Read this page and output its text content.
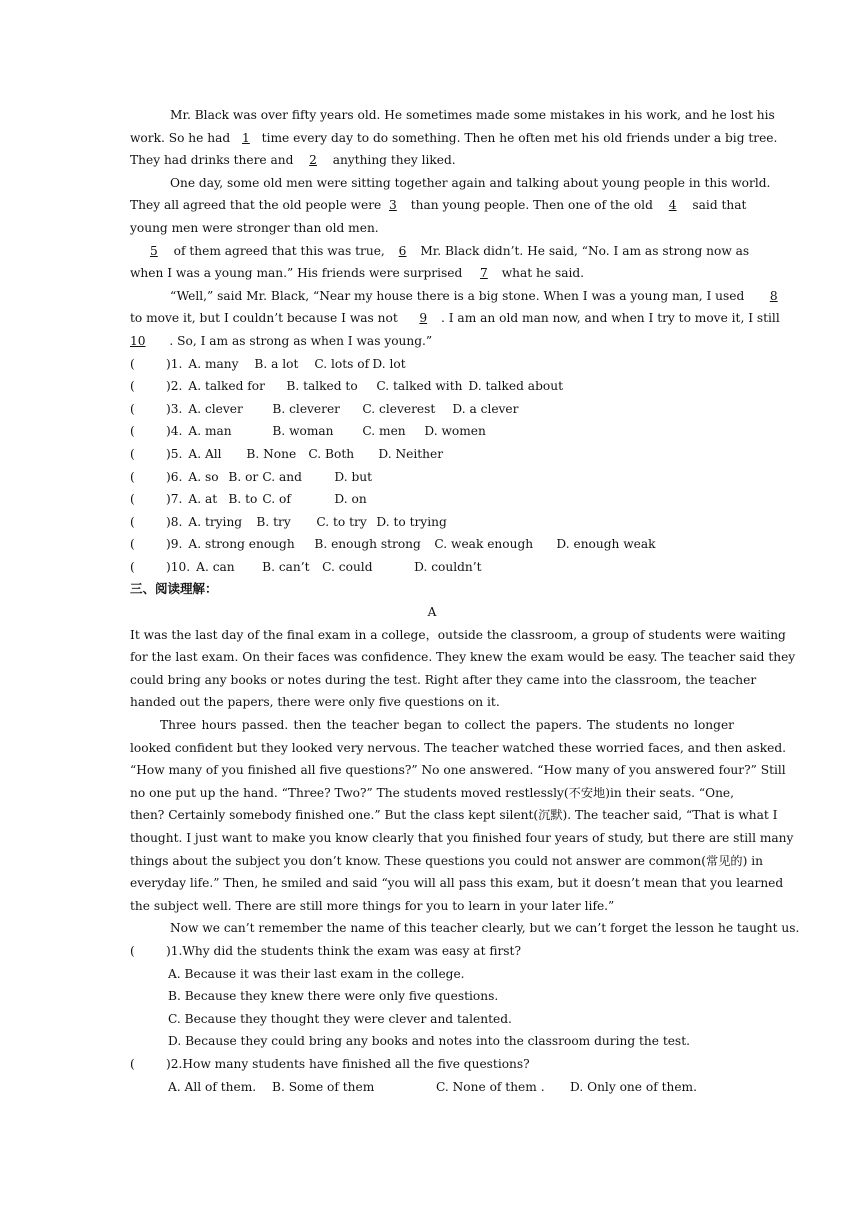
Mr. Black was over fifty years old. He sometimes made some mistakes in his work, and he lost his
work. So he had 1 time every day to do something. Then he often met his old friends under a big tree.
They had drinks there and 2 anything they liked.
One day, some old men were sitting together again and talking about young people in this world.
They all agreed that the old people were 3 than young people. Then one of the old 4 said that
young men were stronger than old men.
5 of them agreed that this was true, 6 Mr. Black didn’t. He said, “No. I am as strong now as
when I was a young man.” His friends were surprised 7 what he said.
“Well,” said Mr. Black, “Near my house there is a big stone. When I was a young man, I used 8
to move it, but I couldn’t because I was not 9 . I am an old man now, and when I try to move it, I still
10 . So, I am as strong as when I was young.”
(	)1. A. many	B. a lot	C. lots of D. lot
(	)2. A. talked for	B. talked to	C. talked with D. talked about
(	)3. A. clever	B. cleverer	C. cleverest	D. a clever
(	)4. A. man	B. woman	C. men	D. women
(	)5. A. All	B. None	C. Both	D. Neither
(	)6. A. so B. or C. and	D. but
(	)7. A. at B. to C. of	D. on
(	)8. A. trying	B. try	C. to try D. to trying
(	)9. A. strong enough	B. enough strong	C. weak enough	D. enough weak
(	)10. A. can	B. can’t	C. could	D. couldn’t
三、阅读理解：
A
It was the last day of the final exam in a college，outside the classroom, a group of students were waiting
for the last exam. On their faces was confidence. They knew the exam would be easy. The teacher said they
could bring any books or notes during the test. Right after they came into the classroom, the teacher
handed out the papers, there were only five questions on it.
Three hours passed. then the teacher began to collect the papers. The students no longer
looked confident but they looked very nervous. The teacher watched these worried faces, and then asked.
“How many of you finished all five questions?” No one answered. “How many of you answered four?” Still
no one put up the hand. “Three? Two?” The students moved restlessly(不安地)in their seats. “One,
then? Certainly somebody finished one.” But the class kept silent(沉默). The teacher said, “That is what I
thought. I just want to make you know clearly that you finished four years of study, but there are still many
things about the subject you don’t know. These questions you could not answer are common(常见的) in
everyday life.” Then, he smiled and said “you will all pass this exam, but it doesn’t mean that you learned
the subject well. There are still more things for you to learn in your later life.”
Now we can’t remember the name of this teacher clearly, but we can’t forget the lesson he taught us.
(	)1.Why did the students think the exam was easy at first?
A. Because it was their last exam in the college.
B. Because they knew there were only five questions.
C. Because they thought they were clever and talented.
D. Because they could bring any books and notes into the classroom during the test.
(	)2.How many students have finished all the five questions?
A. All of them.	B. Some of them	C. None of them .	D. Only one of them.
